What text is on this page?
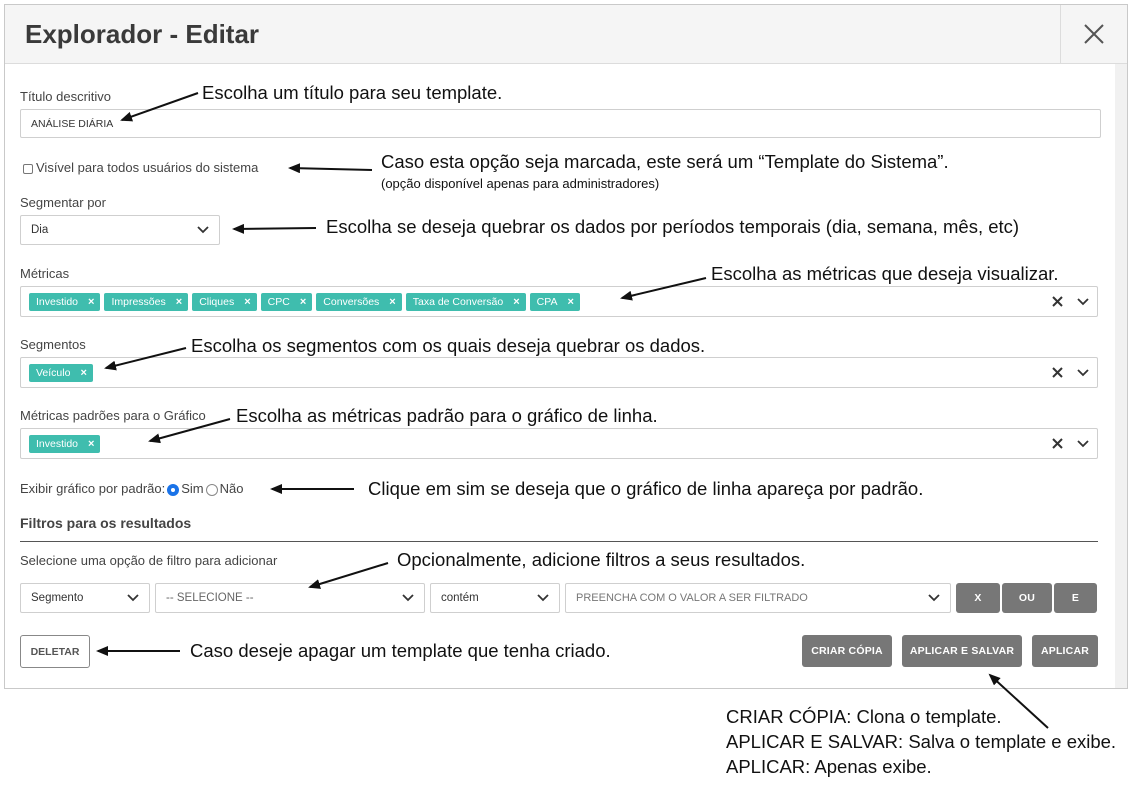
Explorador - Editar
Título descritivo
ANÁLISE DIÁRIA
Visível para todos usuários do sistema
Segmentar por
Dia
Métricas
Investido × Impressões × Cliques × CPC × Conversões × Taxa de Conversão × CPA ×
Segmentos
Veículo ×
Métricas padrões para o Gráfico
Investido ×
Exibir gráfico por padrão: Sim Não
Filtros para os resultados
Selecione uma opção de filtro para adicionar
Segmento	-- SELECIONE --	contém	PREENCHA COM O VALOR A SER FILTRADO	X	OU	E
DELETAR	CRIAR CÓPIA	APLICAR E SALVAR	APLICAR
Escolha um título para seu template.
Caso esta opção seja marcada, este será um “Template do Sistema”.
(opção disponível apenas para administradores)
Escolha se deseja quebrar os dados por períodos temporais (dia, semana, mês, etc)
Escolha as métricas que deseja visualizar.
Escolha os segmentos com os quais deseja quebrar os dados.
Escolha as métricas padrão para o gráfico de linha.
Clique em sim se deseja que o gráfico de linha apareça por padrão.
Opcionalmente, adicione filtros a seus resultados.
Caso deseje apagar um template que tenha criado.
CRIAR CÓPIA: Clona o template.
APLICAR E SALVAR: Salva o template e exibe.
APLICAR: Apenas exibe.
